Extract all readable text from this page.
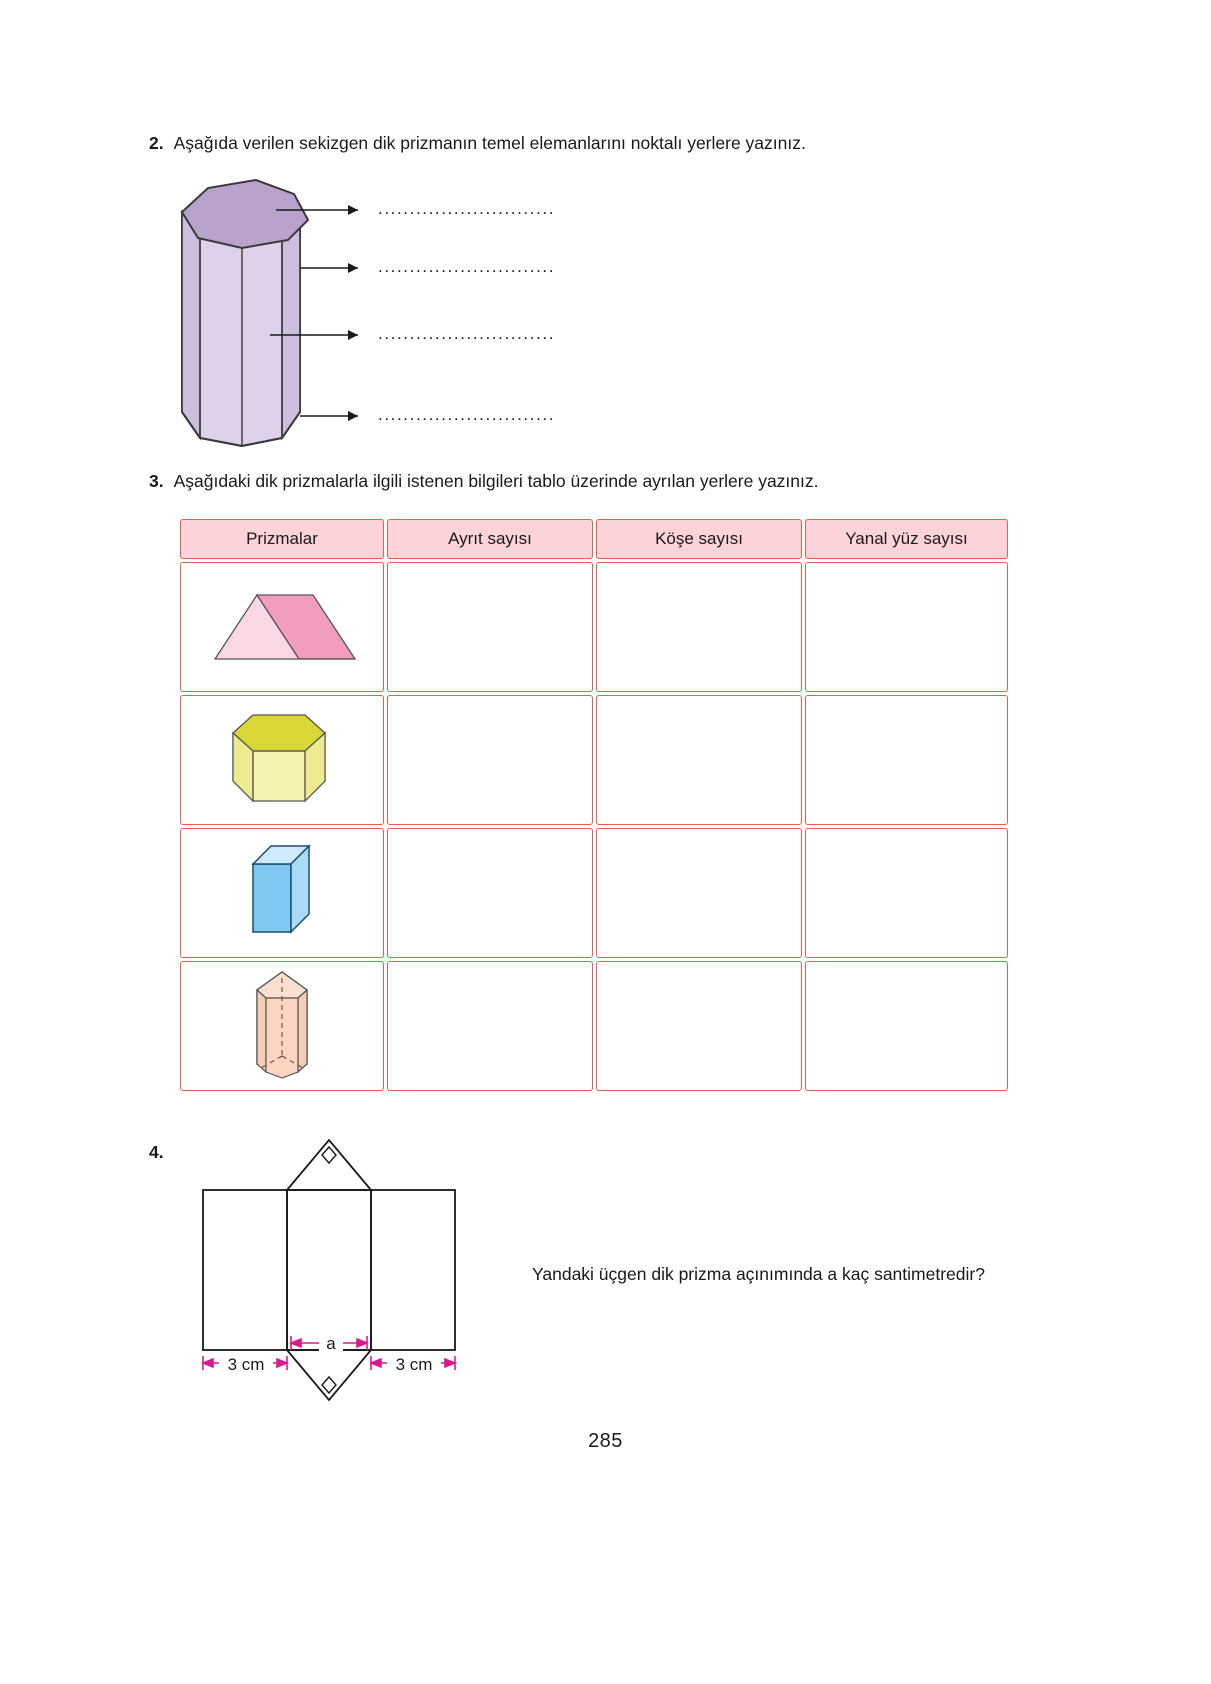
2. Aşağıda verilen sekizgen dik prizmanın temel elemanlarını noktalı yerlere yazınız.
............................
............................
............................
............................
3. Aşağıdaki dik prizmalarla ilgili istenen bilgileri tablo üzerinde ayrılan yerlere yazınız.
Prizmalar	Ayrıt sayısı	Köşe sayısı	Yanal yüz sayısı

4.
a
3 cm	3 cm
Yandaki üçgen dik prizma açınımında a kaç santimetredir?
285
